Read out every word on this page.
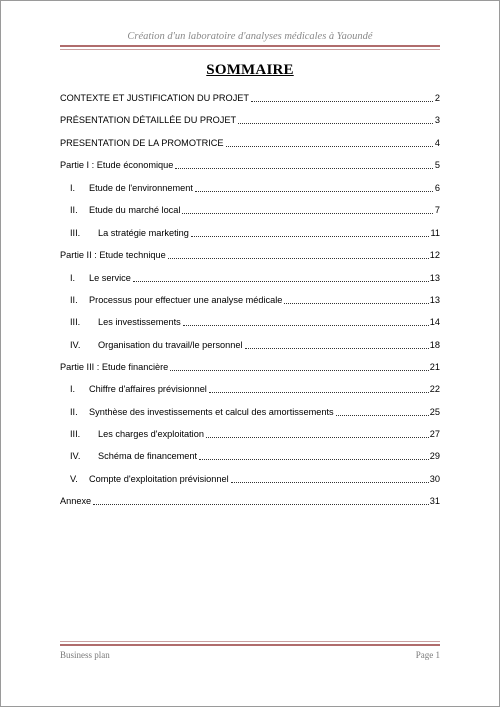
Création d'un laboratoire d'analyses médicales à Yaoundé
SOMMAIRE
CONTEXTE ET JUSTIFICATION DU PROJET	2
PRÉSENTATION DÉTAILLÉE DU PROJET	3
PRESENTATION DE LA PROMOTRICE	4
Partie I : Etude économique	5
I.	Etude de l'environnement	6
II.	Etude du marché local	7
III.	La stratégie marketing	11
Partie II : Etude technique	12
I.	Le service	13
II.	Processus pour effectuer une analyse médicale	13
III.	Les investissements	14
IV.	Organisation du travail/le personnel	18
Partie III : Etude financière	21
I.	Chiffre d'affaires prévisionnel	22
II.	Synthèse des investissements et calcul des amortissements	25
III.	Les charges d'exploitation	27
IV.	Schéma de financement	29
V.	Compte d'exploitation prévisionnel	30
Annexe	31
Business plan	Page 1
